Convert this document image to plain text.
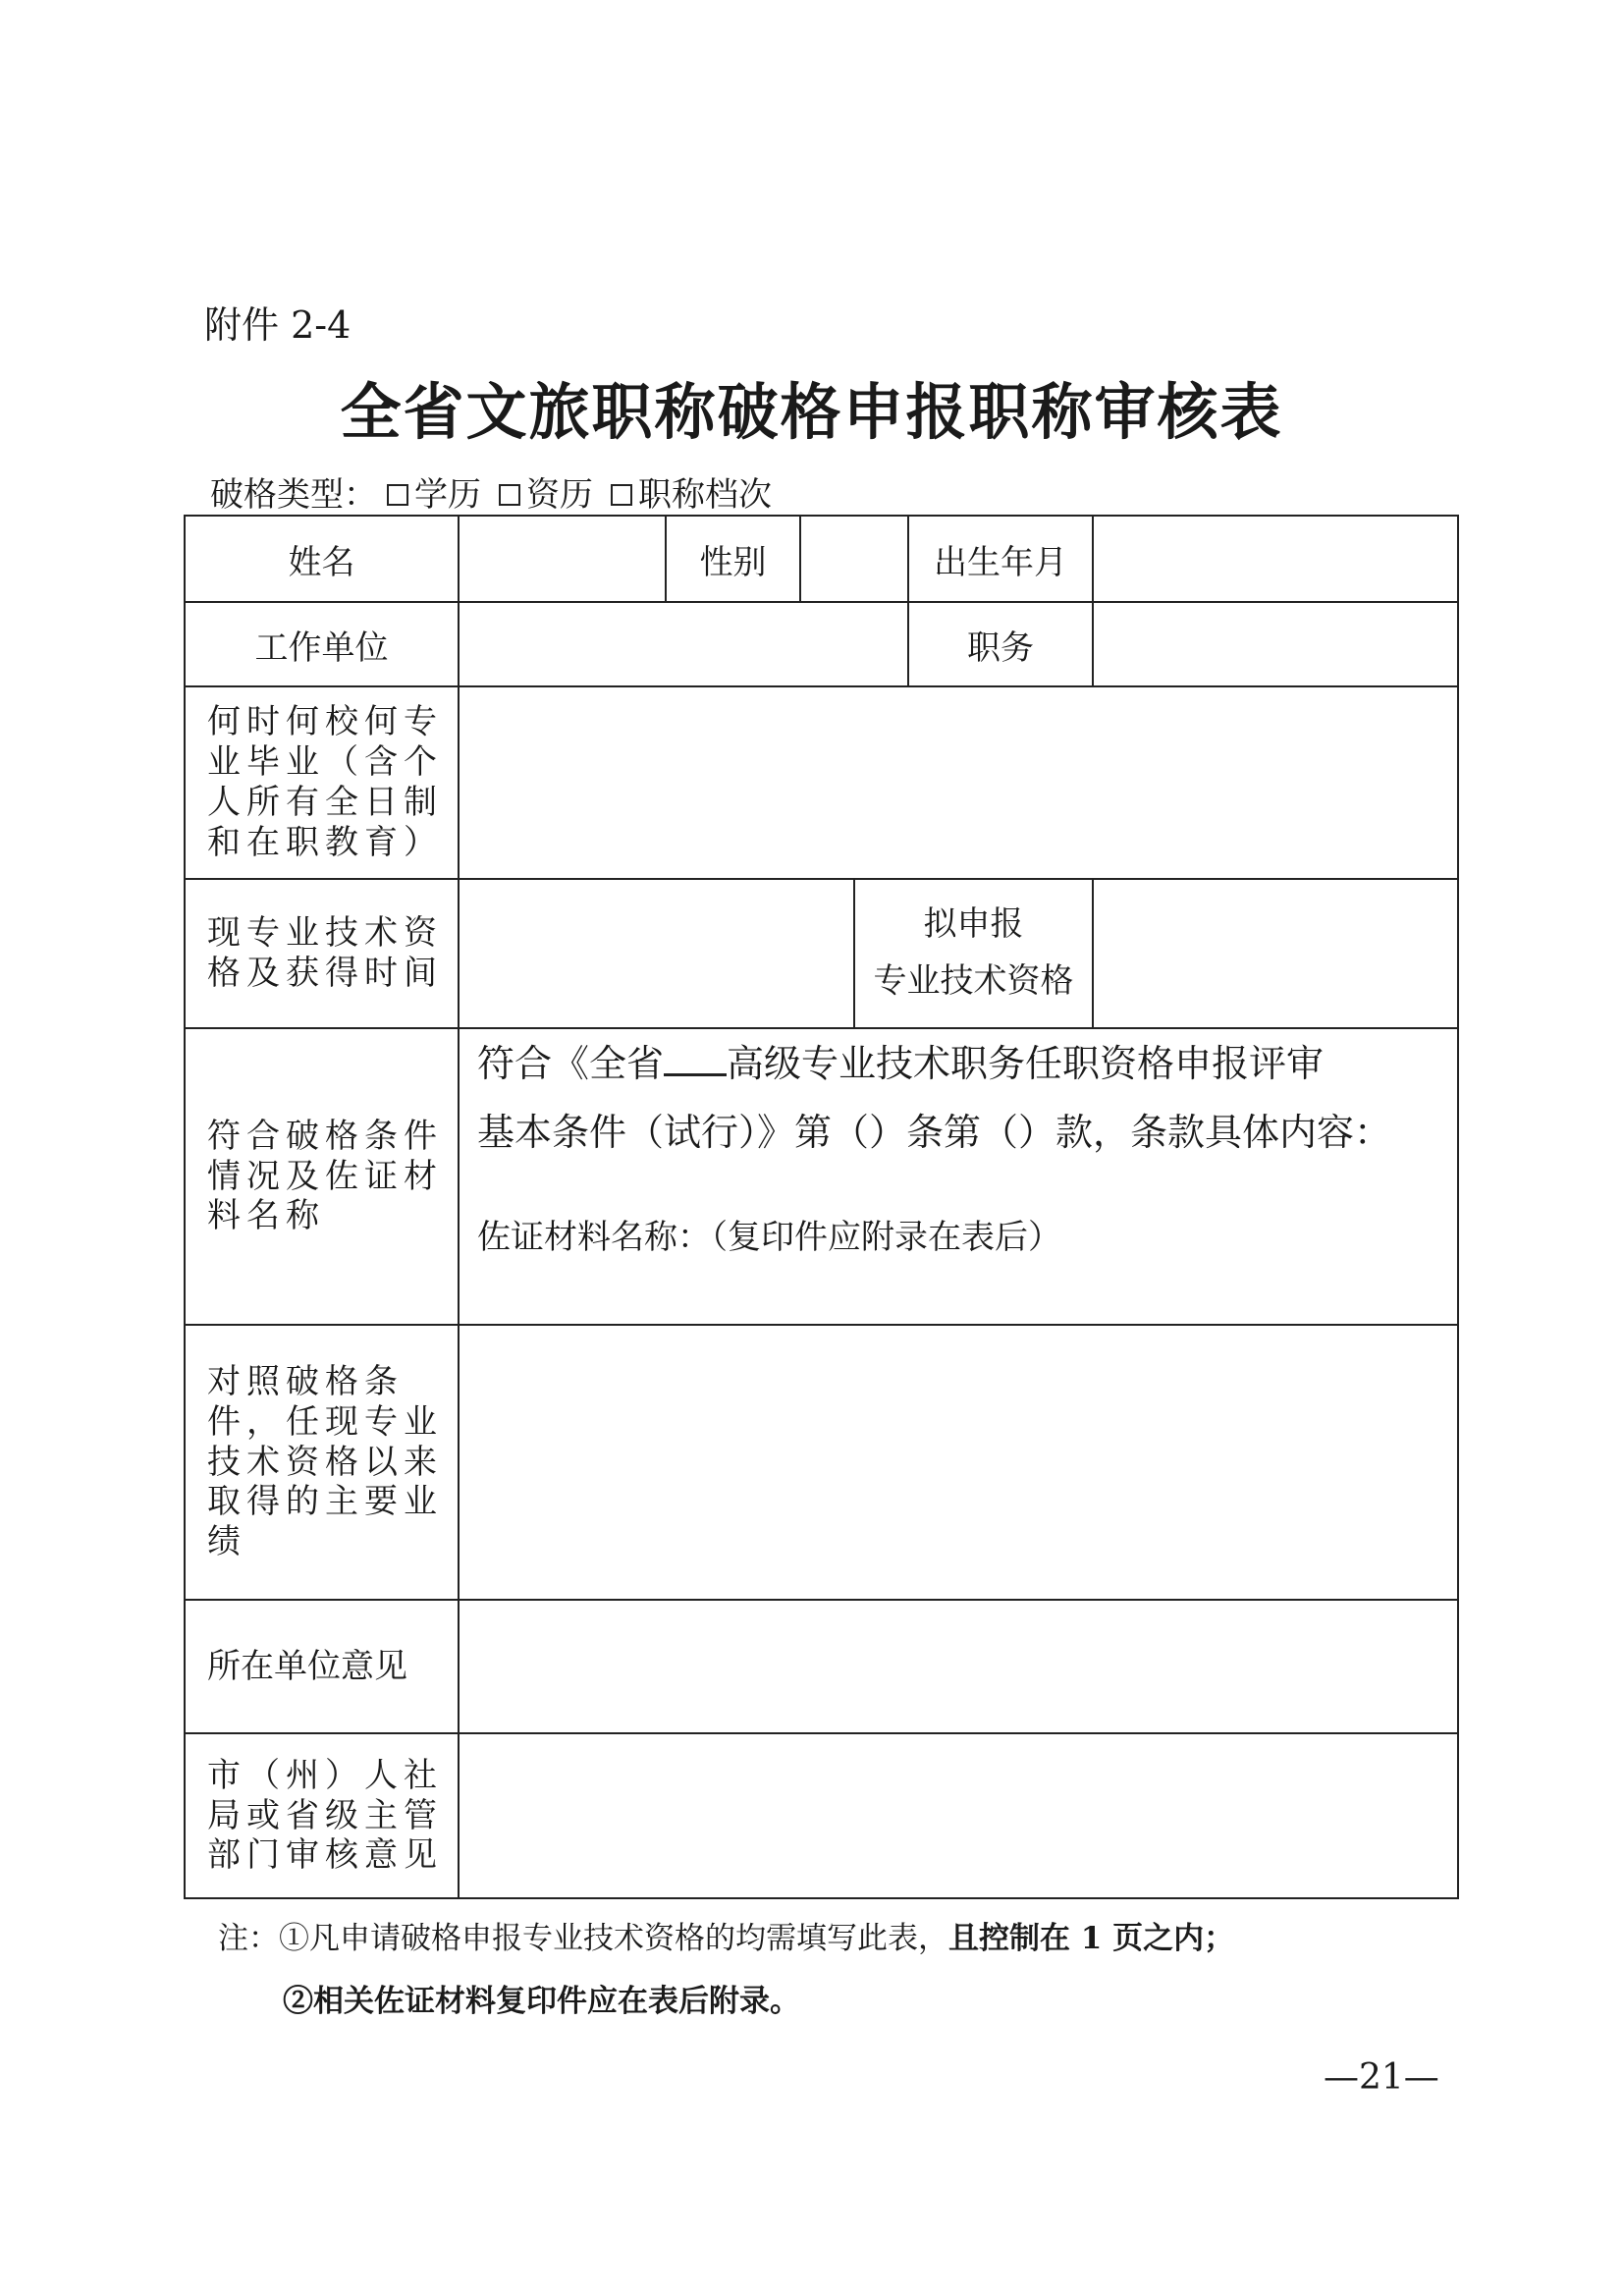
附件 2-4
全省文旅职称破格申报职称审核表
破格类型： 学历 资历 职称档次
姓名		性别			出生年月	
工作单位					职务	
何时何校何专业毕业（含个人所有全日制和在职教育）						
现专业技术资格及获得时间				拟申报
专业技术资格		

符合破格条件情况及佐证材料名称	符合《全省 高级专业技术职务任职资格申报评审
基本条件（试行）》第（）条第（）款，条款具体内容：
佐证材料名称：（复印件应附录在表后）					

对照破格条件，任现专业技术资格以来取得的主要业绩						
所在单位意见						
市（州）人社局或省级主管部门审核意见						
注：①凡申请破格申报专业技术资格的均需填写此表，且控制在 1 页之内；
②相关佐证材料复印件应在表后附录。
—21—
